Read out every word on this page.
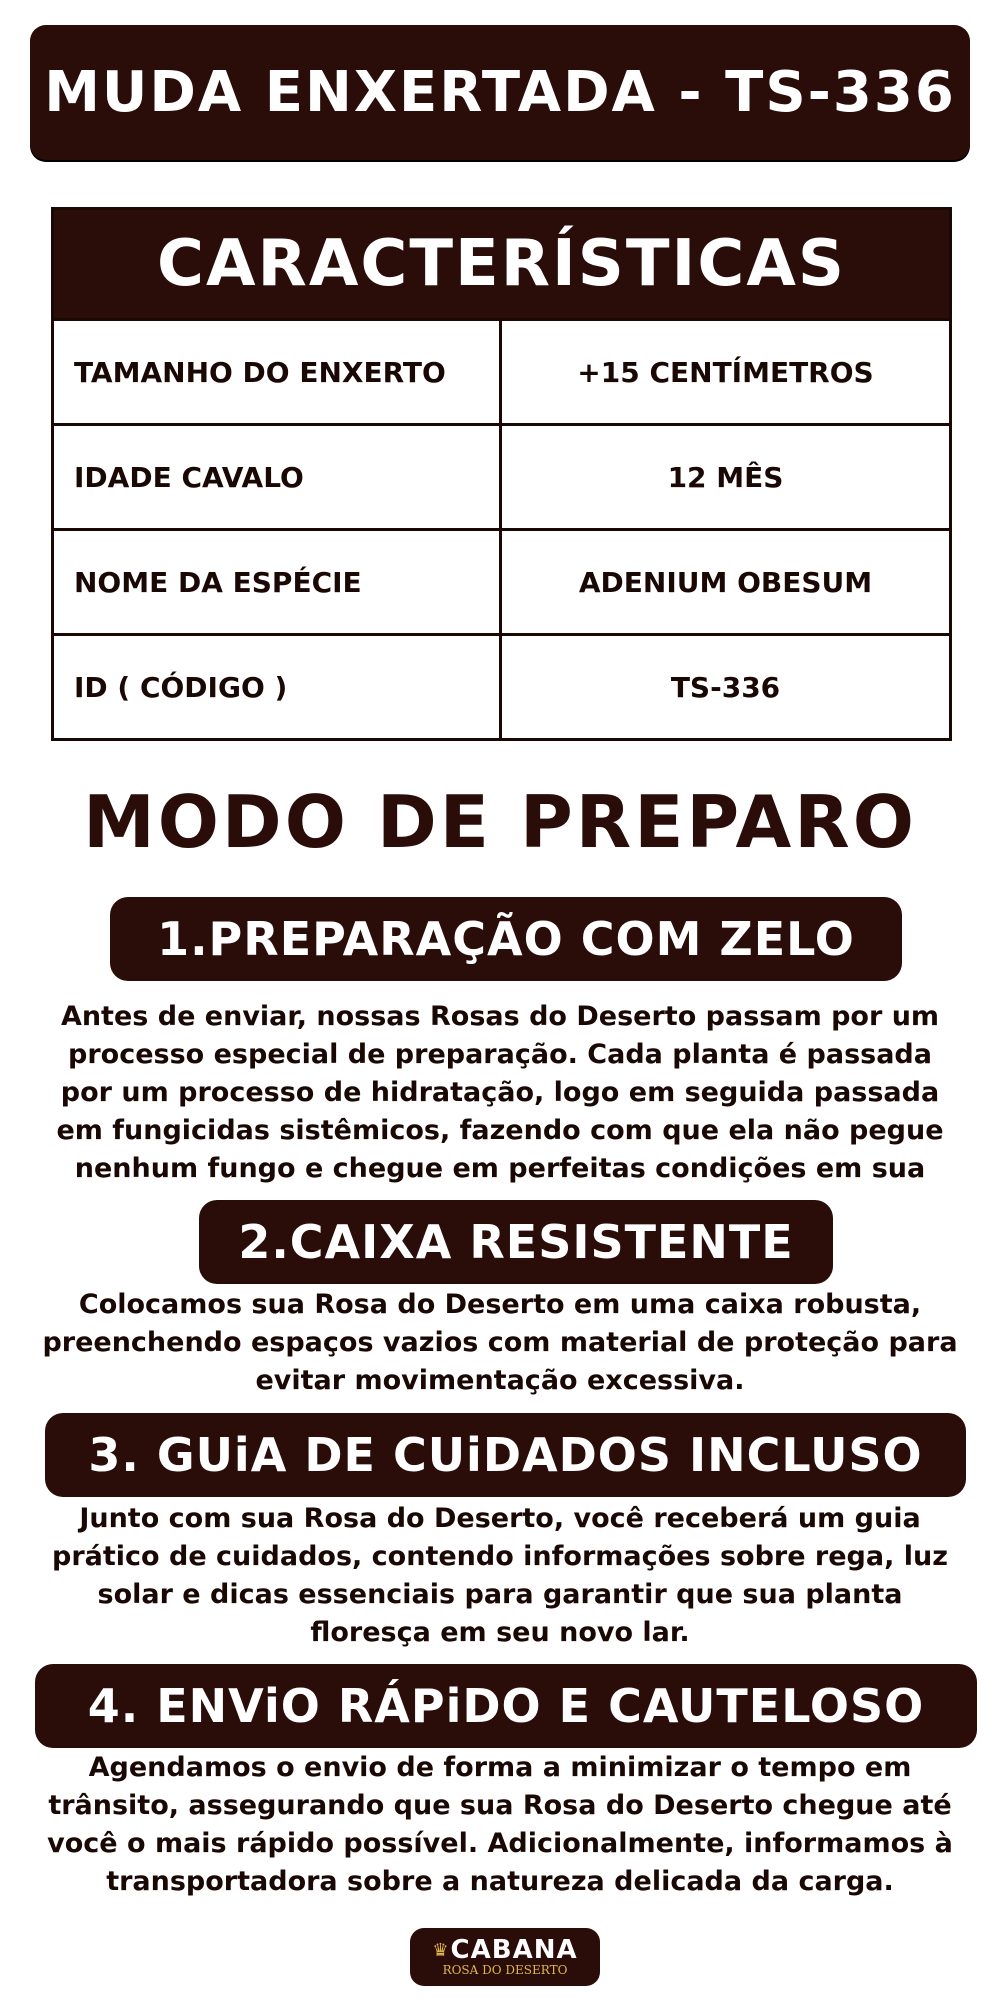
MUDA ENXERTADA - TS-336
CARACTERÍSTICAS	
TAMANHO DO ENXERTO	+15 CENTÍMETROS
IDADE CAVALO	12 MÊS
NOME DA ESPÉCIE	ADENIUM OBESUM
ID ( CÓDIGO )	TS-336
MODO DE PREPARO
1.PREPARAÇÃO COM ZELO

Antes de enviar, nossas Rosas do Deserto passam por um processo especial de preparação. Cada planta é passada por um processo de hidratação, logo em seguida passada em fungicidas sistêmicos, fazendo com que ela não pegue nenhum fungo e chegue em perfeitas condições em sua

2.CAIXA RESISTENTE

Colocamos sua Rosa do Deserto em uma caixa robusta, preenchendo espaços vazios com material de proteção para evitar movimentação excessiva.

3. GUiA DE CUiDADOS INCLUSO

Junto com sua Rosa do Deserto, você receberá um guia prático de cuidados, contendo informações sobre rega, luz solar e dicas essenciais para garantir que sua planta floresça em seu novo lar.

4. ENViO RÁPiDO E CAUTELOSO

Agendamos o envio de forma a minimizar o tempo em trânsito, assegurando que sua Rosa do Deserto chegue até você o mais rápido possível. Adicionalmente, informamos à transportadora sobre a natureza delicada da carga.

♛ CABANA
ROSA DO DESERTO
